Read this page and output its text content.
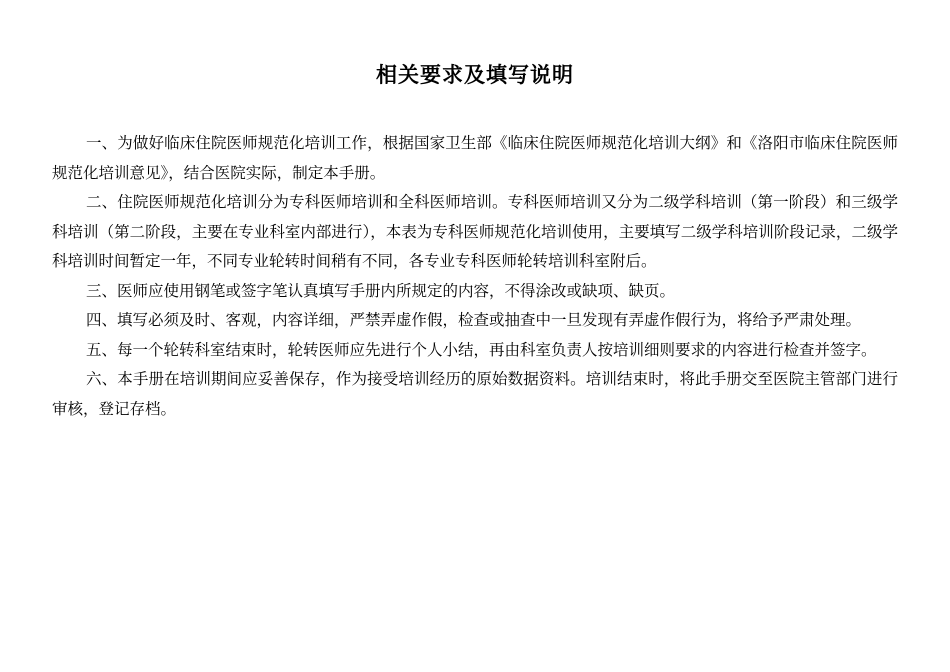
相关要求及填写说明

一、为做好临床住院医师规范化培训工作，根据国家卫生部《临床住院医师规范化培训大纲》和《洛阳市临床住院医师规范化培训意见》，结合医院实际，制定本手册。

二、住院医师规范化培训分为专科医师培训和全科医师培训。专科医师培训又分为二级学科培训（第一阶段）和三级学科培训（第二阶段，主要在专业科室内部进行），本表为专科医师规范化培训使用，主要填写二级学科培训阶段记录，二级学科培训时间暂定一年，不同专业轮转时间稍有不同，各专业专科医师轮转培训科室附后。

三、医师应使用钢笔或签字笔认真填写手册内所规定的内容，不得涂改或缺项、缺页。

四、填写必须及时、客观，内容详细，严禁弄虚作假，检查或抽查中一旦发现有弄虚作假行为，将给予严肃处理。

五、每一个轮转科室结束时，轮转医师应先进行个人小结，再由科室负责人按培训细则要求的内容进行检查并签字。

六、本手册在培训期间应妥善保存，作为接受培训经历的原始数据资料。培训结束时，将此手册交至医院主管部门进行审核，登记存档。
